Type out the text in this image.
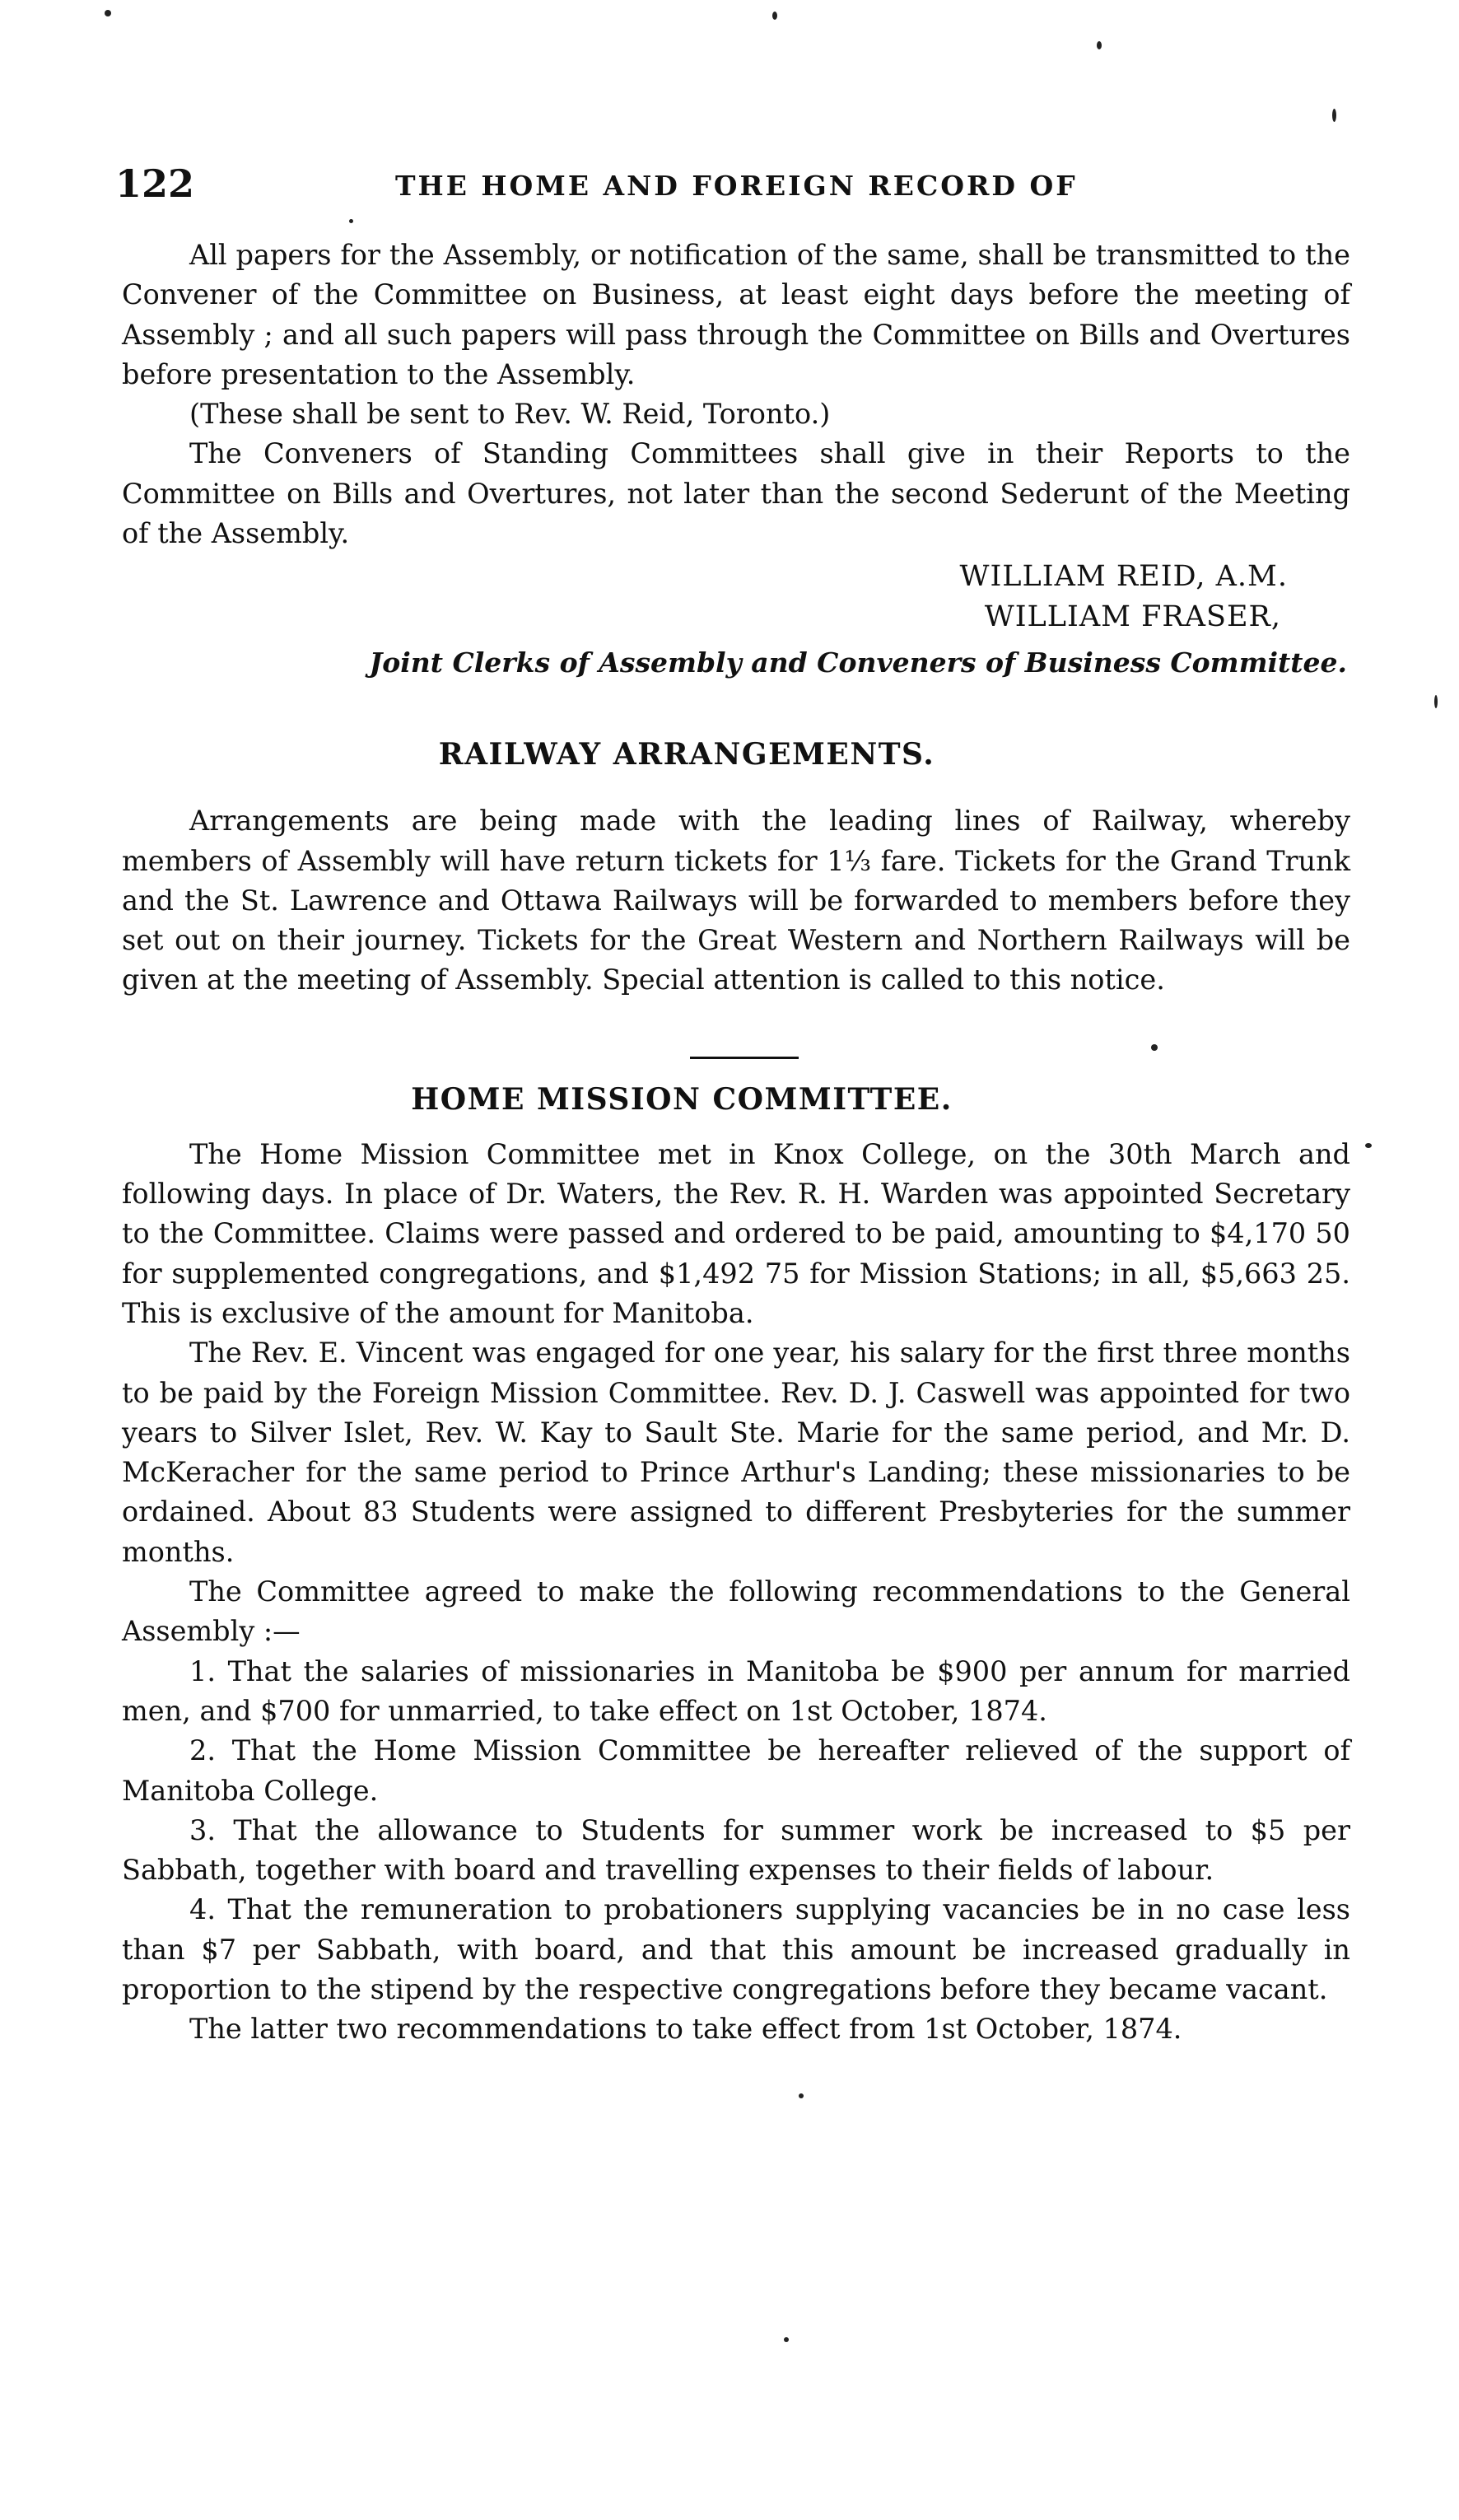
122	THE HOME AND FOREIGN RECORD OF

All papers for the Assembly, or notification of the same, shall be transmitted to the Convener of the Committee on Business, at least eight days before the meeting of Assembly ; and all such papers will pass through the Committee on Bills and Overtures before presentation to the Assembly.

(These shall be sent to Rev. W. Reid, Toronto.)

The Conveners of Standing Committees shall give in their Reports to the Committee on Bills and Overtures, not later than the second Sederunt of the Meeting of the Assembly.

WILLIAM REID, A.M.
WILLIAM FRASER,
Joint Clerks of Assembly and Conveners of Business Committee.
RAILWAY ARRANGEMENTS.

Arrangements are being made with the leading lines of Railway, whereby members of Assembly will have return tickets for 1⅓ fare. Tickets for the Grand Trunk and the St. Lawrence and Ottawa Railways will be forwarded to members before they set out on their journey. Tickets for the Great Western and Northern Railways will be given at the meeting of Assembly. Special attention is called to this notice.

HOME MISSION COMMITTEE.

The Home Mission Committee met in Knox College, on the 30th March and following days. In place of Dr. Waters, the Rev. R. H. Warden was appointed Secretary to the Committee. Claims were passed and ordered to be paid, amounting to $4,170 50 for supplemented congregations, and $1,492 75 for Mission Stations; in all, $5,663 25. This is exclusive of the amount for Manitoba.

The Rev. E. Vincent was engaged for one year, his salary for the first three months to be paid by the Foreign Mission Committee. Rev. D. J. Caswell was appointed for two years to Silver Islet, Rev. W. Kay to Sault Ste. Marie for the same period, and Mr. D. McKeracher for the same period to Prince Arthur's Landing; these missionaries to be ordained. About 83 Students were assigned to different Presbyteries for the summer months.

The Committee agreed to make the following recommendations to the General Assembly :—

1. That the salaries of missionaries in Manitoba be $900 per annum for married men, and $700 for unmarried, to take effect on 1st October, 1874.

2. That the Home Mission Committee be hereafter relieved of the support of Manitoba College.

3. That the allowance to Students for summer work be increased to $5 per Sabbath, together with board and travelling expenses to their fields of labour.

4. That the remuneration to probationers supplying vacancies be in no case less than $7 per Sabbath, with board, and that this amount be increased gradually in proportion to the stipend by the respective congregations before they became vacant.

The latter two recommendations to take effect from 1st October, 1874.
